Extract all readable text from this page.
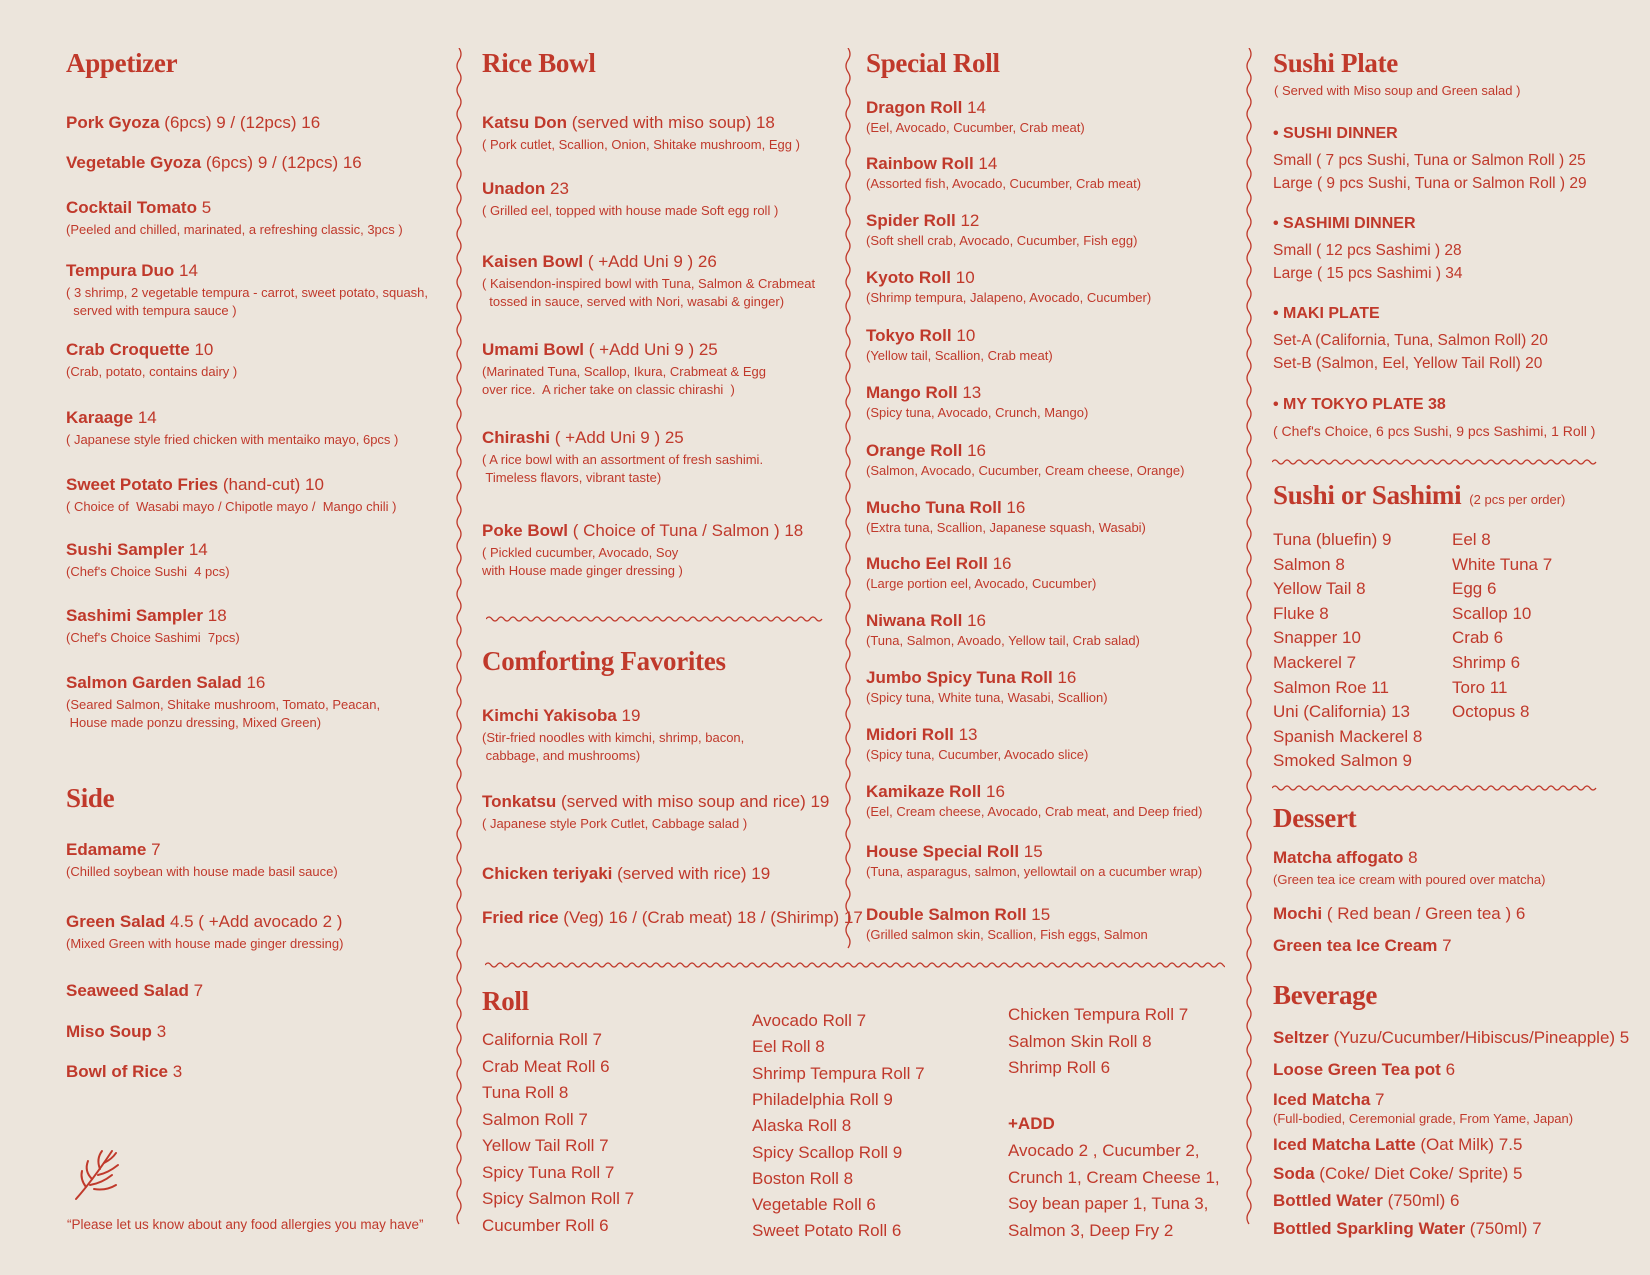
Appetizer
Pork Gyoza (6pcs) 9 / (12pcs) 16
Vegetable Gyoza (6pcs) 9 / (12pcs) 16
Cocktail Tomato 5
(Peeled and chilled, marinated, a refreshing classic, 3pcs )
Tempura Duo 14
( 3 shrimp, 2 vegetable tempura - carrot, sweet potato, squash,
served with tempura sauce )
Crab Croquette 10
(Crab, potato, contains dairy )
Karaage 14
( Japanese style fried chicken with mentaiko mayo, 6pcs )
Sweet Potato Fries (hand-cut) 10
( Choice of  Wasabi mayo / Chipotle mayo /  Mango chili )
Sushi Sampler 14
(Chef's Choice Sushi  4 pcs)
Sashimi Sampler 18
(Chef's Choice Sashimi  7pcs)
Salmon Garden Salad 16
(Seared Salmon, Shitake mushroom, Tomato, Peacan,
House made ponzu dressing, Mixed Green)
Side
Edamame 7
(Chilled soybean with house made basil sauce)
Green Salad 4.5 ( +Add avocado 2 )
(Mixed Green with house made ginger dressing)
Seaweed Salad 7
Miso Soup 3
Bowl of Rice 3
“Please let us know about any food allergies you may have”
Rice Bowl
Katsu Don (served with miso soup) 18
( Pork cutlet, Scallion, Onion, Shitake mushroom, Egg )
Unadon 23
( Grilled eel, topped with house made Soft egg roll )
Kaisen Bowl ( +Add Uni 9 ) 26
( Kaisendon-inspired bowl with Tuna, Salmon & Crabmeat
tossed in sauce, served with Nori, wasabi & ginger)
Umami Bowl ( +Add Uni 9 ) 25
(Marinated Tuna, Scallop, Ikura, Crabmeat & Egg
over rice.  A richer take on classic chirashi  )
Chirashi ( +Add Uni 9 ) 25
( A rice bowl with an assortment of fresh sashimi.
Timeless flavors, vibrant taste)
Poke Bowl ( Choice of Tuna / Salmon ) 18
( Pickled cucumber, Avocado, Soy
with House made ginger dressing )
Comforting Favorites
Kimchi Yakisoba 19
(Stir-fried noodles with kimchi, shrimp, bacon,
cabbage, and mushrooms)
Tonkatsu (served with miso soup and rice) 19
( Japanese style Pork Cutlet, Cabbage salad )
Chicken teriyaki (served with rice) 19
Fried rice (Veg) 16 / (Crab meat) 18 / (Shirimp) 17
Special Roll
Dragon Roll 14
(Eel, Avocado, Cucumber, Crab meat)
Rainbow Roll 14
(Assorted fish, Avocado, Cucumber, Crab meat)
Spider Roll 12
(Soft shell crab, Avocado, Cucumber, Fish egg)
Kyoto Roll 10
(Shrimp tempura, Jalapeno, Avocado, Cucumber)
Tokyo Roll 10
(Yellow tail, Scallion, Crab meat)
Mango Roll 13
(Spicy tuna, Avocado, Crunch, Mango)
Orange Roll 16
(Salmon, Avocado, Cucumber, Cream cheese, Orange)
Mucho Tuna Roll 16
(Extra tuna, Scallion, Japanese squash, Wasabi)
Mucho Eel Roll 16
(Large portion eel, Avocado, Cucumber)
Niwana Roll 16
(Tuna, Salmon, Avoado, Yellow tail, Crab salad)
Jumbo Spicy Tuna Roll 16
(Spicy tuna, White tuna, Wasabi, Scallion)
Midori Roll 13
(Spicy tuna, Cucumber, Avocado slice)
Kamikaze Roll 16
(Eel, Cream cheese, Avocado, Crab meat, and Deep fried)
House Special Roll 15
(Tuna, asparagus, salmon, yellowtail on a cucumber wrap)
Double Salmon Roll 15
(Grilled salmon skin, Scallion, Fish eggs, Salmon
Roll
California Roll 7
Crab Meat Roll 6
Tuna Roll 8
Salmon Roll 7
Yellow Tail Roll 7
Spicy Tuna Roll 7
Spicy Salmon Roll 7
Cucumber Roll 6
Avocado Roll 7
Eel Roll 8
Shrimp Tempura Roll 7
Philadelphia Roll 9
Alaska Roll 8
Spicy Scallop Roll 9
Boston Roll 8
Vegetable Roll 6
Sweet Potato Roll 6
Chicken Tempura Roll 7
Salmon Skin Roll 8
Shrimp Roll 6
+ADD
Avocado 2 , Cucumber 2,
Crunch 1, Cream Cheese 1,
Soy bean paper 1, Tuna 3,
Salmon 3, Deep Fry 2
Sushi Plate
( Served with Miso soup and Green salad )
• SUSHI DINNER
Small ( 7 pcs Sushi, Tuna or Salmon Roll ) 25
Large ( 9 pcs Sushi, Tuna or Salmon Roll ) 29
• SASHIMI DINNER
Small ( 12 pcs Sashimi ) 28
Large ( 15 pcs Sashimi ) 34
• MAKI PLATE
Set-A (California, Tuna, Salmon Roll) 20
Set-B (Salmon, Eel, Yellow Tail Roll) 20
• MY TOKYO PLATE 38
( Chef's Choice, 6 pcs Sushi, 9 pcs Sashimi, 1 Roll )
Sushi or Sashimi (2 pcs per order)
Tuna (bluefin) 9
Salmon 8
Yellow Tail 8
Fluke 8
Snapper 10
Mackerel 7
Salmon Roe 11
Uni (California) 13
Spanish Mackerel 8
Smoked Salmon 9
Eel 8
White Tuna 7
Egg 6
Scallop 10
Crab 6
Shrimp 6
Toro 11
Octopus 8
Dessert
Matcha affogato 8
(Green tea ice cream with poured over matcha)
Mochi ( Red bean / Green tea ) 6
Green tea Ice Cream 7
Beverage
Seltzer (Yuzu/Cucumber/Hibiscus/Pineapple) 5
Loose Green Tea pot 6
Iced Matcha 7
(Full-bodied, Ceremonial grade, From Yame, Japan)
Iced Matcha Latte (Oat Milk) 7.5
Soda (Coke/ Diet Coke/ Sprite) 5
Bottled Water (750ml) 6
Bottled Sparkling Water (750ml) 7
